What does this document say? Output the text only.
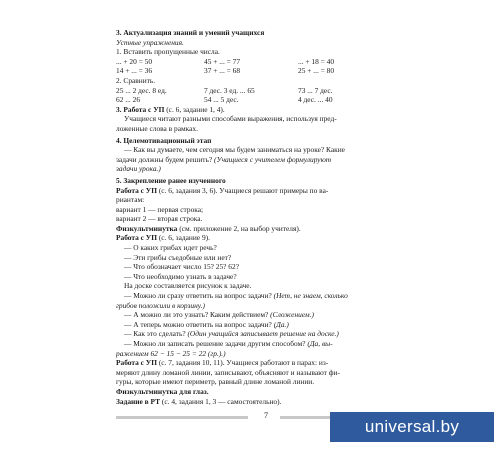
3. Актуализация знаний и умений учащихся
Устные упражнения.
1. Вставить пропущенные числа.
... + 20 = 50	45 + ... = 77	... + 18 = 40
14 + ... = 36	37 + ... = 68	25 + ... = 80
2. Сравнить.
25 ... 2 дес. 8 ед.	7 дес. 3 ед. ... 65	73 ... 7 дес.
62 ... 26	54 ... 5 дес.	4 дес. ... 40
3. Работа с УП (с. 6, задание 1, 4).
Учащиеся читают разными способами выражения, используя пред-
ложенные слова в рамках.
4. Целемотивационный этап
— Как вы думаете, чем сегодня мы будем заниматься на уроке? Какие
задачи должны будем решить? (Учащиеся с учителем формулируют
задачи урока.)
5. Закрепление ранее изученного
Работа с УП (с. 6, задания 3, 6). Учащиеся решают примеры по ва-
риантам:
вариант 1 — первая строка;
вариант 2 — вторая строка.
Физкультминутка (см. приложение 2, на выбор учителя).
Работа с УП (с. 6, задание 9).
— О каких грибах идет речь?
— Эти грибы съедобные или нет?
— Что обозначает число 15? 25? 62?
— Что необходимо узнать в задаче?
На доске составляется рисунок к задаче.
— Можно ли сразу ответить на вопрос задачи? (Нет, не знаем, сколько
грибов положили в корзину.)
— А можно ли это узнать? Каким действием? (Сложением.)
— А теперь можно ответить на вопрос задачи? (Да.)
— Как это сделать? (Один учащийся записывает решение на доске.)
— Можно ли записать решение задачи другим способом? (Да, вы-
ражением 62 − 15 − 25 = 22 (гр.).)
Работа с УП (с. 7, задания 10, 11). Учащиеся работают в парах: из-
меряют длину ломаной линии, записывают, объясняют и называют фи-
гуры, которые имеют периметр, равный длине ломаной линии.
Физкультминутка для глаз.
Задание в РТ (с. 4, задания 1, 3 — самостоятельно).
7
universal.by
